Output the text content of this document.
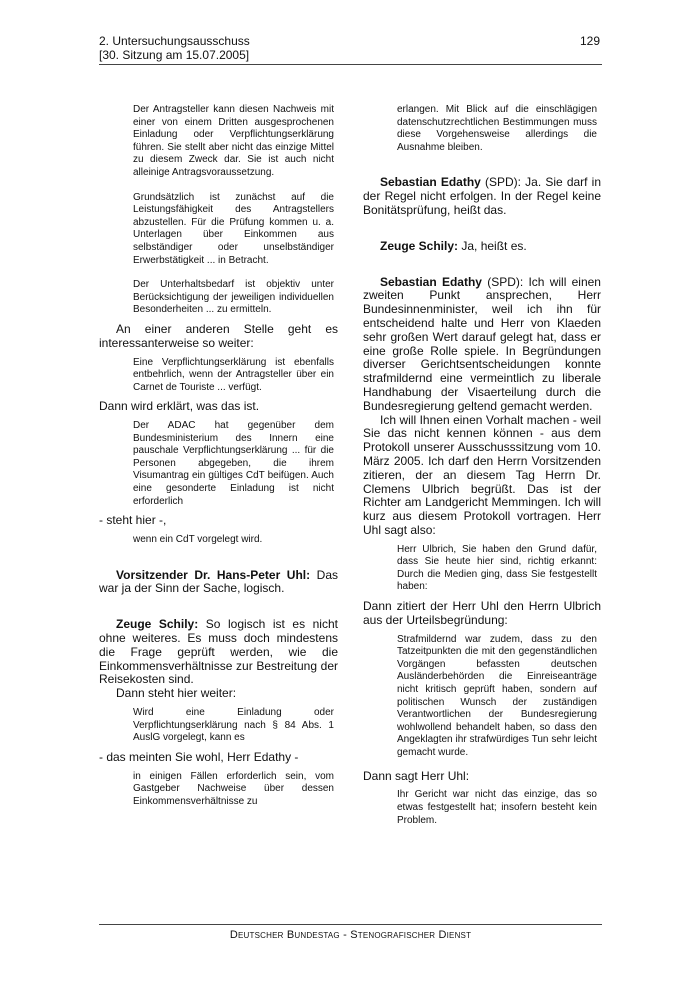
2. Untersuchungsausschuss
[30. Sitzung am 15.07.2005]
129

Der Antragsteller kann diesen Nachweis mit einer von einem Dritten ausgesprochenen Einladung oder Verpflichtungserklärung führen. Sie stellt aber nicht das einzige Mittel zu diesem Zweck dar. Sie ist auch nicht alleinige Antragsvoraussetzung.

Grundsätzlich ist zunächst auf die Leistungsfähigkeit des Antragstellers abzustellen. Für die Prüfung kommen u. a. Unterlagen über Einkommen aus selbständiger oder unselbständiger Erwerbstätigkeit ... in Betracht.

Der Unterhaltsbedarf ist objektiv unter Berücksichtigung der jeweiligen individuellen Besonderheiten ... zu ermitteln.

An einer anderen Stelle geht es interessanterweise so weiter:

Eine Verpflichtungserklärung ist ebenfalls entbehrlich, wenn der Antragsteller über ein Carnet de Touriste ... verfügt.

Dann wird erklärt, was das ist.

Der ADAC hat gegenüber dem Bundesministerium des Innern eine pauschale Verpflichtungserklärung ... für die Personen abgegeben, die ihrem Visumantrag ein gültiges CdT beifügen. Auch eine gesonderte Einladung ist nicht erforderlich

- steht hier -,

wenn ein CdT vorgelegt wird.

Vorsitzender Dr. Hans-Peter Uhl: Das war ja der Sinn der Sache, logisch.

Zeuge Schily: So logisch ist es nicht ohne weiteres. Es muss doch mindestens die Frage geprüft werden, wie die Einkommensverhältnisse zur Bestreitung der Reisekosten sind.

Dann steht hier weiter:

Wird eine Einladung oder Verpflichtungserklärung nach § 84 Abs. 1 AuslG vorgelegt, kann es

- das meinten Sie wohl, Herr Edathy -

in einigen Fällen erforderlich sein, vom Gastgeber Nachweise über dessen Einkommensverhältnisse zu

erlangen. Mit Blick auf die einschlägigen datenschutzrechtlichen Bestimmungen muss diese Vorgehensweise allerdings die Ausnahme bleiben.

Sebastian Edathy (SPD): Ja. Sie darf in der Regel nicht erfolgen. In der Regel keine Bonitätsprüfung, heißt das.

Zeuge Schily: Ja, heißt es.

Sebastian Edathy (SPD): Ich will einen zweiten Punkt ansprechen, Herr Bundesinnenminister, weil ich ihn für entscheidend halte und Herr von Klaeden sehr großen Wert darauf gelegt hat, dass er eine große Rolle spiele. In Begründungen diverser Gerichtsentscheidungen konnte strafmildernd eine vermeintlich zu liberale Handhabung der Visaerteilung durch die Bundesregierung geltend gemacht werden.

Ich will Ihnen einen Vorhalt machen - weil Sie das nicht kennen können - aus dem Protokoll unserer Ausschusssitzung vom 10. März 2005. Ich darf den Herrn Vorsitzenden zitieren, der an diesem Tag Herrn Dr. Clemens Ulbrich begrüßt. Das ist der Richter am Landgericht Memmingen. Ich will kurz aus diesem Protokoll vortragen. Herr Uhl sagt also:

Herr Ulbrich, Sie haben den Grund dafür, dass Sie heute hier sind, richtig erkannt: Durch die Medien ging, dass Sie festgestellt haben:

Dann zitiert der Herr Uhl den Herrn Ulbrich aus der Urteilsbegründung:

Strafmildernd war zudem, dass zu den Tatzeitpunkten die mit den gegenständlichen Vorgängen befassten deutschen Ausländerbehörden die Einreiseanträge nicht kritisch geprüft haben, sondern auf politischen Wunsch der zuständigen Verantwortlichen der Bundesregierung wohlwollend behandelt haben, so dass den Angeklagten ihr strafwürdiges Tun sehr leicht gemacht wurde.

Dann sagt Herr Uhl:

Ihr Gericht war nicht das einzige, das so etwas festgestellt hat; insofern besteht kein Problem.

Deutscher Bundestag - Stenografischer Dienst
